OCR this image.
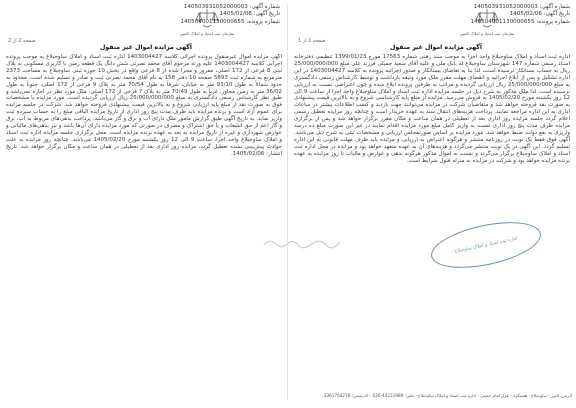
سازمان ثبت اسناد و املاک کشور
شماره آگهی: 140503931052000003
تاریخ آگهی: 1405/02/06
شماره پرونده: 140504001130000655
صفحه 1 از 1
آگهی مزایده اموال غیر منقول
اداره ثبت اسناد و املاک ساوجبلاغ واحد اجرا به موجب سند رهنی شماره 17563 مورخ 1399/01/23 تنظیمی دفترخانه اسناد رسمی شماره 147 شهرستان ساوجبلاغ له بانک ملی و علیه آقای سعید جمیلی فرزند علی مبلغ 25/000/000/000 ریال به حساب بستانکار نرسیده است، لذا بنا به تقاضای بستانکار و صدور اجرائیه پرونده به کلاسه 1403004427 در این اداره تشکیل و پس از ابلاغ اجرائیه و انقضای مهلت مقرر ملک مورد وثیقه بازداشت و توسط کارشناس رسمی دادگستری به مبلغ 25/000/000/000 ریال ارزیابی گردیده و مراتب به طرفین پرونده ابلاغ شده و چون اعتراضی نسبت به ارزیابی نرسیده است، لذا ملک مذکور به شرح ذیل در جلسه مزایده اداره ثبت اسناد و املاک ساوجبلاغ واحد اجرا از ساعت 9 الی 12 روز یکشنبه مورخ 1405/02/20 به فروش می‌رسد. مزایده از مبلغ پایه کارشناسی شروع و به بالاترین قیمت پیشنهادی به صورت نقد فروخته خواهد شد و متقاضیان شرکت در مزایده می‌توانند جهت بازدید و کسب اطلاعات بیشتر در ساعات اداری به این اداره مراجعه نمایند. پرداخت هزینه‌های انتقال سند به عهده خریدار است و چنانچه روز مزایده تعطیل رسمی اعلام گردد جلسه مزایده روز اداری بعد از تعطیلی در همان ساعت و مکان مقرر برگزار خواهد شد و پس از برگزاری مزایده ظرف مدت پنج روز اداری نسبت به واریز کامل مبلغ مورد مزایده اقدام نمایند در غیر این صورت مبلغ ده درصد واریزی به نفع دولت ضبط خواهد شد. مورد مزایده بر اساس صورتمجلس ارزیابی و مشخصات ثبتی به شرح ذیل می‌باشد. آگهی فوق فقط یک نوبت در روزنامه منتشر و هرگونه اعتراض به ارزیابی و مزایده باید ظرف مهلت قانونی به این اداره تسلیم گردد. این آگهی در یک نوبت منتشر می‌گردد و هزینه‌های آن به عهده متعهد خواهد بود و مزایده در محل اداره ثبت اسناد و املاک ساوجبلاغ برگزار می‌گردد و نسبت به اموال مذکور هرگونه بدهی و عوارض و مالیات تا روز مزایده به عهده برنده مزایده خواهد بود و شرکت در مزایده به منزله قبول شرایط است.
اداره ثبت اسناد و املاک ساوجبلاغ
سازمان ثبت اسناد و املاک کشور
شماره آگهی: 140503931052000003
تاریخ آگهی: 1405/02/06
شماره پرونده: 140504001130000655
صفحه 2 از 2
آگهی مزایده اموال غیر منقول
آگهی مزایده اموال غیرمنقول پرونده اجرائی کلاسه 1403004427 اداره ثبت اسناد و املاک ساوجبلاغ به موجب پرونده اجرایی کلاسه 1403004427 علیه ورثه مرحوم آقای محمد نصرتی شش دانگ یک قطعه زمین با کاربری مسکونی به پلاک ثبتی 8 فرعی از 172 اصلی، مفروز و مجزا شده از 8 فرعی واقع در بخش 10 حوزه ثبتی ساوجبلاغ به مساحت 2373 مترمربع به شماره ثبت 5893 صفحه 10 دفتر 158 به نام آقای محمد نصرتی ثبت و صادر و تسلیم شده است، محدود به حدود شمالاً به طول 93/10 متر به خیابان، شرقاً به طول 70/54 متر به پلاک 9 فرعی از 172 اصلی، جنوباً به طول 36/02 متر به زمین مجاور، غرباً به طول 70/49 متر به پلاک 7 فرعی از 172 اصلی. ملک مورد نظر در اجاره نمی‌باشد و طبق نظر کارشناس رسمی دادگستری به مبلغ 25/000/000/000 ریال ارزیابی گردیده است. مورد مزایده با مشخصات فوق به صورت نقد از مبلغ پایه ارزیابی شروع و به بالاترین قیمت پیشنهادی فروخته خواهد شد. شرکت در جلسه مزایده برای عموم آزاد است و برنده مزایده باید ظرف مدت پنج روز اداری از تاریخ مزایده الباقی مبلغ را به حساب سپرده ثبت واریز نماید. به تاریخ آگهی طبق گزارش مامور ملک دارای آب و برق و گاز می‌باشد. پرداخت بدهی‌های مربوط به آب، برق و گاز اعم از حق انشعاب و یا حق اشتراک و مصرف در صورتی که مورد مزایده دارای آن‌ها باشد و نیز بدهی‌های مالیاتی و عوارض شهرداری و غیره از تاریخ مزایده به بعد به عهده برنده مزایده است. محل برگزاری جلسه مزایده اداره ثبت اسناد و املاک ساوجبلاغ واحد اجرا، ساعت 9 الی 12 روز یکشنبه مورخ 1405/02/20 می‌باشد. چنانچه روز مزایده به علت حوادث پیش‌بینی نشده تعطیل گردد، مزایده روز اداری بعد از تعطیلی در همان ساعت و مکان برگزار خواهد شد. تاریخ انتشار: 1405/02/06.
آدرس: البرز - ساوجبلاغ - هشتگرد - بلوار امام خمینی - اداره ثبت اسناد و املاک ساوجبلاغ - تلفن: 44231989-026 - کد پستی: 3361764278
